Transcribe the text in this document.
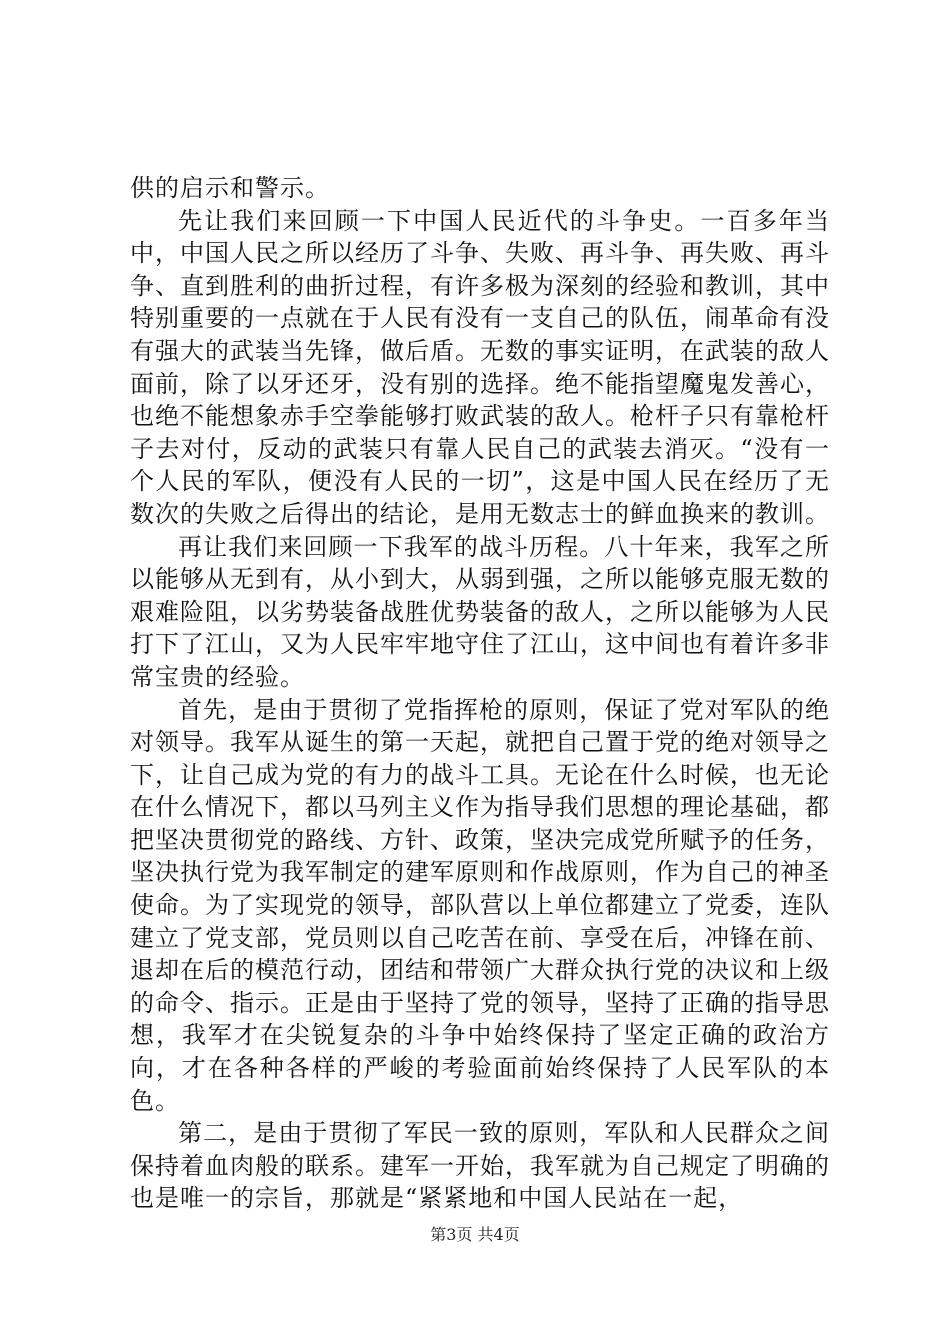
供的启示和警示。

先让我们来回顾一下中国人民近代的斗争史。一百多年当中，中国人民之所以经历了斗争、失败、再斗争、再失败、再斗争、直到胜利的曲折过程，有许多极为深刻的经验和教训，其中特别重要的一点就在于人民有没有一支自己的队伍，闹革命有没有强大的武装当先锋，做后盾。无数的事实证明，在武装的敌人面前，除了以牙还牙，没有别的选择。绝不能指望魔鬼发善心，也绝不能想象赤手空拳能够打败武装的敌人。枪杆子只有靠枪杆子去对付，反动的武装只有靠人民自己的武装去消灭。“没有一个人民的军队，便没有人民的一切”，这是中国人民在经历了无数次的失败之后得出的结论，是用无数志士的鲜血换来的教训。

再让我们来回顾一下我军的战斗历程。八十年来，我军之所以能够从无到有，从小到大，从弱到强，之所以能够克服无数的艰难险阻，以劣势装备战胜优势装备的敌人，之所以能够为人民打下了江山，又为人民牢牢地守住了江山，这中间也有着许多非常宝贵的经验。

首先，是由于贯彻了党指挥枪的原则，保证了党对军队的绝对领导。我军从诞生的第一天起，就把自己置于党的绝对领导之下，让自己成为党的有力的战斗工具。无论在什么时候，也无论在什么情况下，都以马列主义作为指导我们思想的理论基础，都把坚决贯彻党的路线、方针、政策，坚决完成党所赋予的任务，坚决执行党为我军制定的建军原则和作战原则，作为自己的神圣使命。为了实现党的领导，部队营以上单位都建立了党委，连队建立了党支部，党员则以自己吃苦在前、享受在后，冲锋在前、退却在后的模范行动，团结和带领广大群众执行党的决议和上级的命令、指示。正是由于坚持了党的领导，坚持了正确的指导思想，我军才在尖锐复杂的斗争中始终保持了坚定正确的政治方向，才在各种各样的严峻的考验面前始终保持了人民军队的本色。

第二，是由于贯彻了军民一致的原则，军队和人民群众之间保持着血肉般的联系。建军一开始，我军就为自己规定了明确的也是唯一的宗旨，那就是“紧紧地和中国人民站在一起，

第3页 共4页
